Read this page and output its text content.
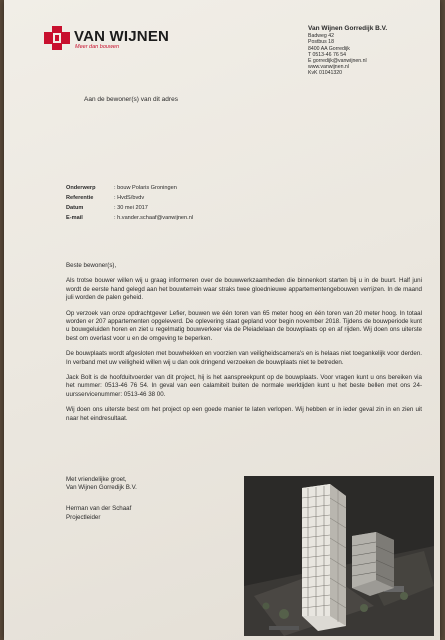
VAN WIJNEN
Meer dan bouwen
Van Wijnen Gorredijk B.V.
Badweg 42
Postbus 18
8400 AA Gorredijk
T 0513-46 76 54
E gorredijk@vanwijnen.nl
www.vanwijnen.nl
KvK 01041320
Aan de bewoner(s) van dit adres
Onderwerp	: bouw Polaris Groningen
Referentie	: HvdS/bvdv
Datum	: 30 mei 2017
E-mail	: h.vander.schaaf@vanwijnen.nl

Beste bewoner(s),

Als trotse bouwer willen wij u graag informeren over de bouwwerkzaamheden die binnenkort starten bij u in de buurt. Half juni wordt de eerste hand gelegd aan het bouwterrein waar straks twee gloednieuwe appartementengebouwen verrijzen. In de maand juli worden de palen geheid.

Op verzoek van onze opdrachtgever Lefier, bouwen we één toren van 65 meter hoog en één toren van 20 meter hoog. In totaal worden er 207 appartementen opgeleverd. De oplevering staat gepland voor begin november 2018. Tijdens de bouwperiode kunt u bouwgeluiden horen en ziet u regelmatig bouwverkeer via de Pleiadelaan de bouwplaats op en af rijden. Wij doen ons uiterste best om overlast voor u en de omgeving te beperken.

De bouwplaats wordt afgesloten met bouwhekken en voorzien van veiligheidscamera's en is helaas niet toegankelijk voor derden. In verband met uw veiligheid willen wij u dan ook dringend verzoeken de bouwplaats niet te betreden.

Jack Bolt is de hoofduitvoerder van dit project, hij is het aanspreekpunt op de bouwplaats. Voor vragen kunt u ons bereiken via het nummer: 0513-46 76 54. In geval van een calamiteit buiten de normale werktijden kunt u het beste bellen met ons 24-uursservicenummer: 0513-46 38 00.

Wij doen ons uiterste best om het project op een goede manier te laten verlopen. Wij hebben er in ieder geval zin in en zien uit naar het eindresultaat.

Met vriendelijke groet,
Van Wijnen Gorredijk B.V.
Herman van der Schaaf
Projectleider
